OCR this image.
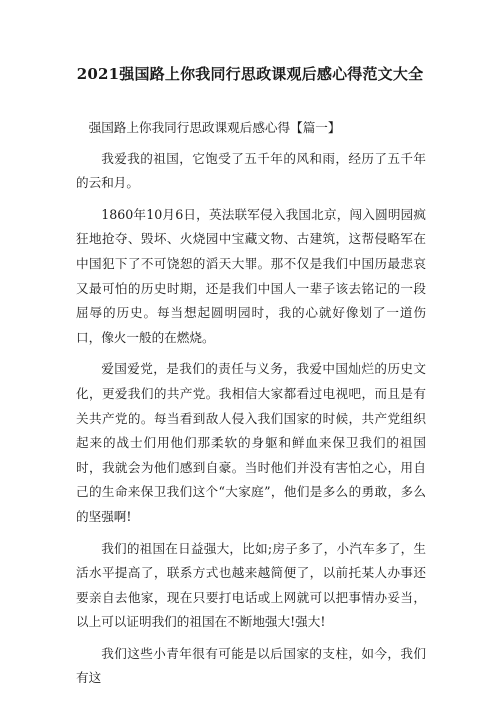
2021强国路上你我同行思政课观后感心得范文大全

强国路上你我同行思政课观后感心得【篇一】

我爱我的祖国，它饱受了五千年的风和雨，经历了五千年的云和月。

1860年10月6日，英法联军侵入我国北京，闯入圆明园疯狂地抢夺、毁坏、火烧园中宝藏文物、古建筑，这帮侵略军在中国犯下了不可饶恕的滔天大罪。那不仅是我们中国历最悲哀又最可怕的历史时期，还是我们中国人一辈子该去铭记的一段屈辱的历史。每当想起圆明园时，我的心就好像划了一道伤口，像火一般的在燃烧。

爱国爱党，是我们的责任与义务，我爱中国灿烂的历史文化，更爱我们的共产党。我相信大家都看过电视吧，而且是有关共产党的。每当看到敌人侵入我们国家的时候，共产党组织起来的战士们用他们那柔软的身躯和鲜血来保卫我们的祖国时，我就会为他们感到自豪。当时他们并没有害怕之心，用自己的生命来保卫我们这个“大家庭”，他们是多么的勇敢，多么的坚强啊!

我们的祖国在日益强大，比如;房子多了，小汽车多了，生活水平提高了，联系方式也越来越简便了，以前托某人办事还要亲自去他家，现在只要打电话或上网就可以把事情办妥当，以上可以证明我们的祖国在不断地强大!强大!

我们这些小青年很有可能是以后国家的支柱，如今，我们有这
